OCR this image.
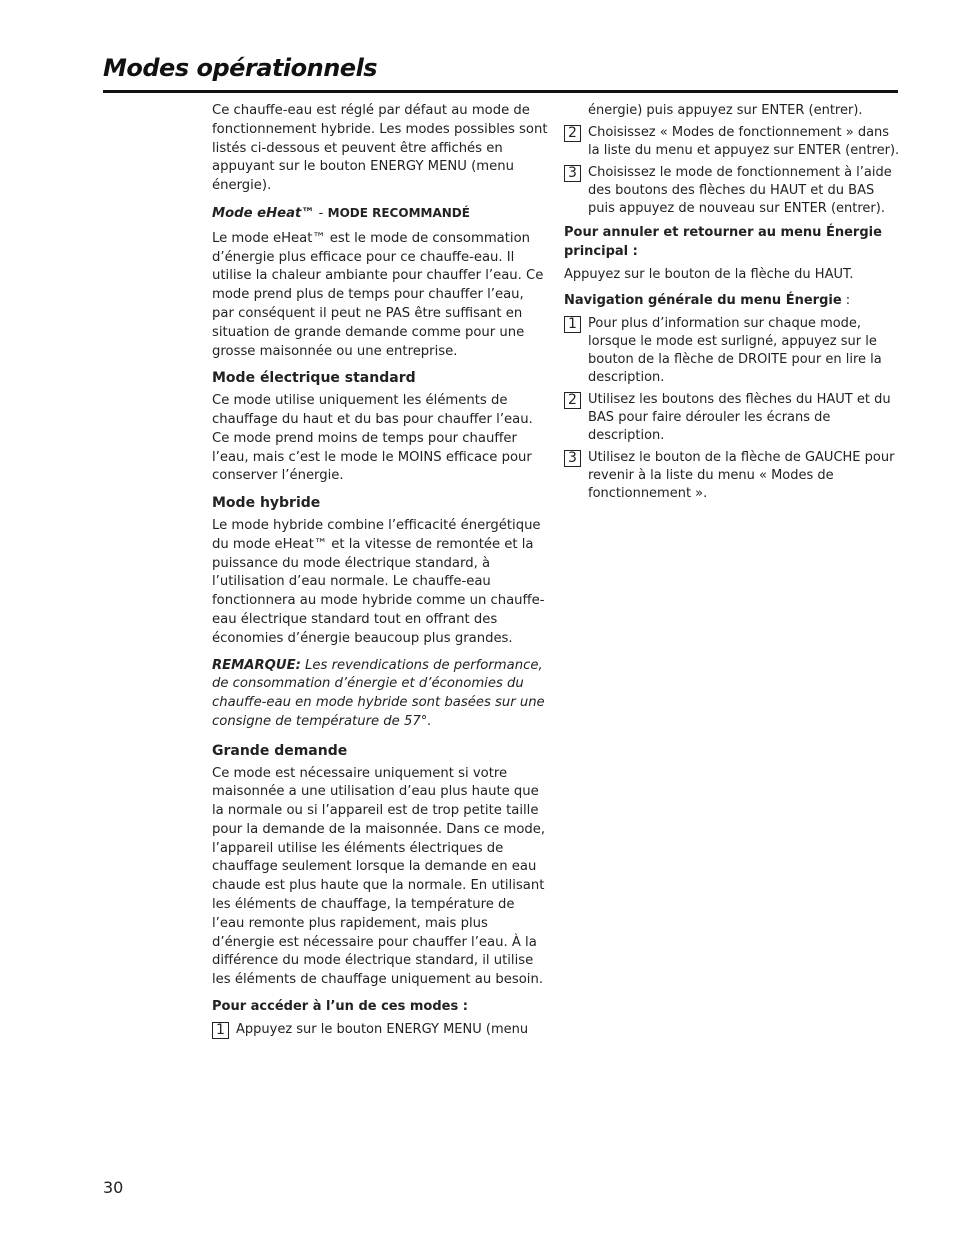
Modes opérationnels

Ce chauffe-eau est réglé par défaut au mode de fonctionnement hybride. Les modes possibles sont listés ci-dessous et peuvent être affichés en appuyant sur le bouton ENERGY MENU (menu énergie).

Mode eHeat™ - MODE RECOMMANDÉ

Le mode eHeat™ est le mode de consommation d’énergie plus efficace pour ce chauffe-eau. Il utilise la chaleur ambiante pour chauffer l’eau. Ce mode prend plus de temps pour chauffer l’eau, par conséquent il peut ne PAS être suffisant en situation de grande demande comme pour une grosse maisonnée ou une entreprise.

Mode électrique standard

Ce mode utilise uniquement les éléments de chauffage du haut et du bas pour chauffer l’eau. Ce mode prend moins de temps pour chauffer l’eau, mais c’est le mode le MOINS efficace pour conserver l’énergie.

Mode hybride

Le mode hybride combine l’efficacité énergétique du mode eHeat™ et la vitesse de remontée et la puissance du mode électrique standard, à l’utilisation d’eau normale. Le chauffe-eau fonctionnera au mode hybride comme un chauffe-eau électrique standard tout en offrant des économies d’énergie beaucoup plus grandes.

REMARQUE: Les revendications de performance, de consommation d’énergie et d’économies du chauffe-eau en mode hybride sont basées sur une consigne de température de 57°.

Grande demande

Ce mode est nécessaire uniquement si votre maisonnée a une utilisation d’eau plus haute que la normale ou si l’appareil est de trop petite taille pour la demande de la maisonnée. Dans ce mode, l’appareil utilise les éléments électriques de chauffage seulement lorsque la demande en eau chaude est plus haute que la normale. En utilisant les éléments de chauffage, la température de l’eau remonte plus rapidement, mais plus d’énergie est nécessaire pour chauffer l’eau. À la différence du mode électrique standard, il utilise les éléments de chauffage uniquement au besoin.

Pour accéder à l’un de ces modes :

1 Appuyez sur le bouton ENERGY MENU (menu

énergie) puis appuyez sur ENTER (entrer).

2 Choisissez « Modes de fonctionnement » dans la liste du menu et appuyez sur ENTER (entrer).
3 Choisissez le mode de fonctionnement à l’aide des boutons des flèches du HAUT et du BAS puis appuyez de nouveau sur ENTER (entrer).

Pour annuler et retourner au menu Énergie principal :

Appuyez sur le bouton de la flèche du HAUT.

Navigation générale du menu Énergie :

1 Pour plus d’information sur chaque mode, lorsque le mode est surligné, appuyez sur le bouton de la flèche de DROITE pour en lire la description.
2 Utilisez les boutons des flèches du HAUT et du BAS pour faire dérouler les écrans de description.
3 Utilisez le bouton de la flèche de GAUCHE pour revenir à la liste du menu « Modes de fonctionnement ».
30
